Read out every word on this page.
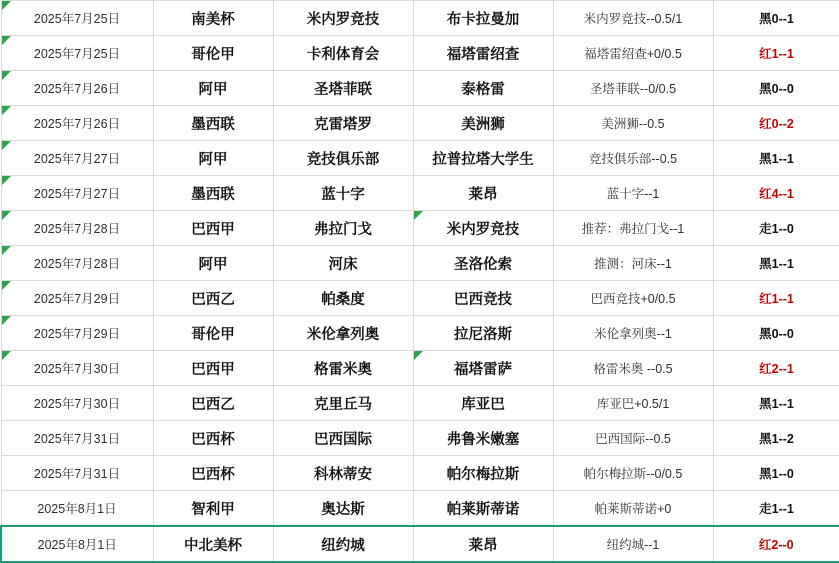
2025年7月25日	南美杯	米内罗竞技	布卡拉曼加	米内罗竞技--0.5/1	黑0--1
2025年7月25日	哥伦甲	卡利体育会	福塔雷绍查	福塔雷绍查+0/0.5	红1--1
2025年7月26日	阿甲	圣塔菲联	泰格雷	圣塔菲联--0/0.5	黑0--0
2025年7月26日	墨西联	克雷塔罗	美洲狮	美洲狮--0.5	红0--2
2025年7月27日	阿甲	竞技俱乐部	拉普拉塔大学生	竞技俱乐部--0.5	黑1--1
2025年7月27日	墨西联	蓝十字	莱昂	蓝十字--1	红4--1
2025年7月28日	巴西甲	弗拉门戈	米内罗竞技	推荐：弗拉门戈--1	走1--0
2025年7月28日	阿甲	河床	圣洛伦索	推测：河床--1	黑1--1
2025年7月29日	巴西乙	帕桑度	巴西竞技	巴西竞技+0/0.5	红1--1
2025年7月29日	哥伦甲	米伦拿列奥	拉尼洛斯	米伦拿列奥--1	黑0--0
2025年7月30日	巴西甲	格雷米奥	福塔雷萨	格雷米奥 --0.5	红2--1
2025年7月30日	巴西乙	克里丘马	库亚巴	库亚巴+0.5/1	黑1--1
2025年7月31日	巴西杯	巴西国际	弗鲁米嫩塞	巴西国际--0.5	黑1--2
2025年7月31日	巴西杯	科林蒂安	帕尔梅拉斯	帕尔梅拉斯--0/0.5	黑1--0
2025年8月1日	智利甲	奥达斯	帕莱斯蒂诺	帕莱斯蒂诺+0	走1--1
2025年8月1日	中北美杯	纽约城	莱昂	纽约城--1	红2--0
